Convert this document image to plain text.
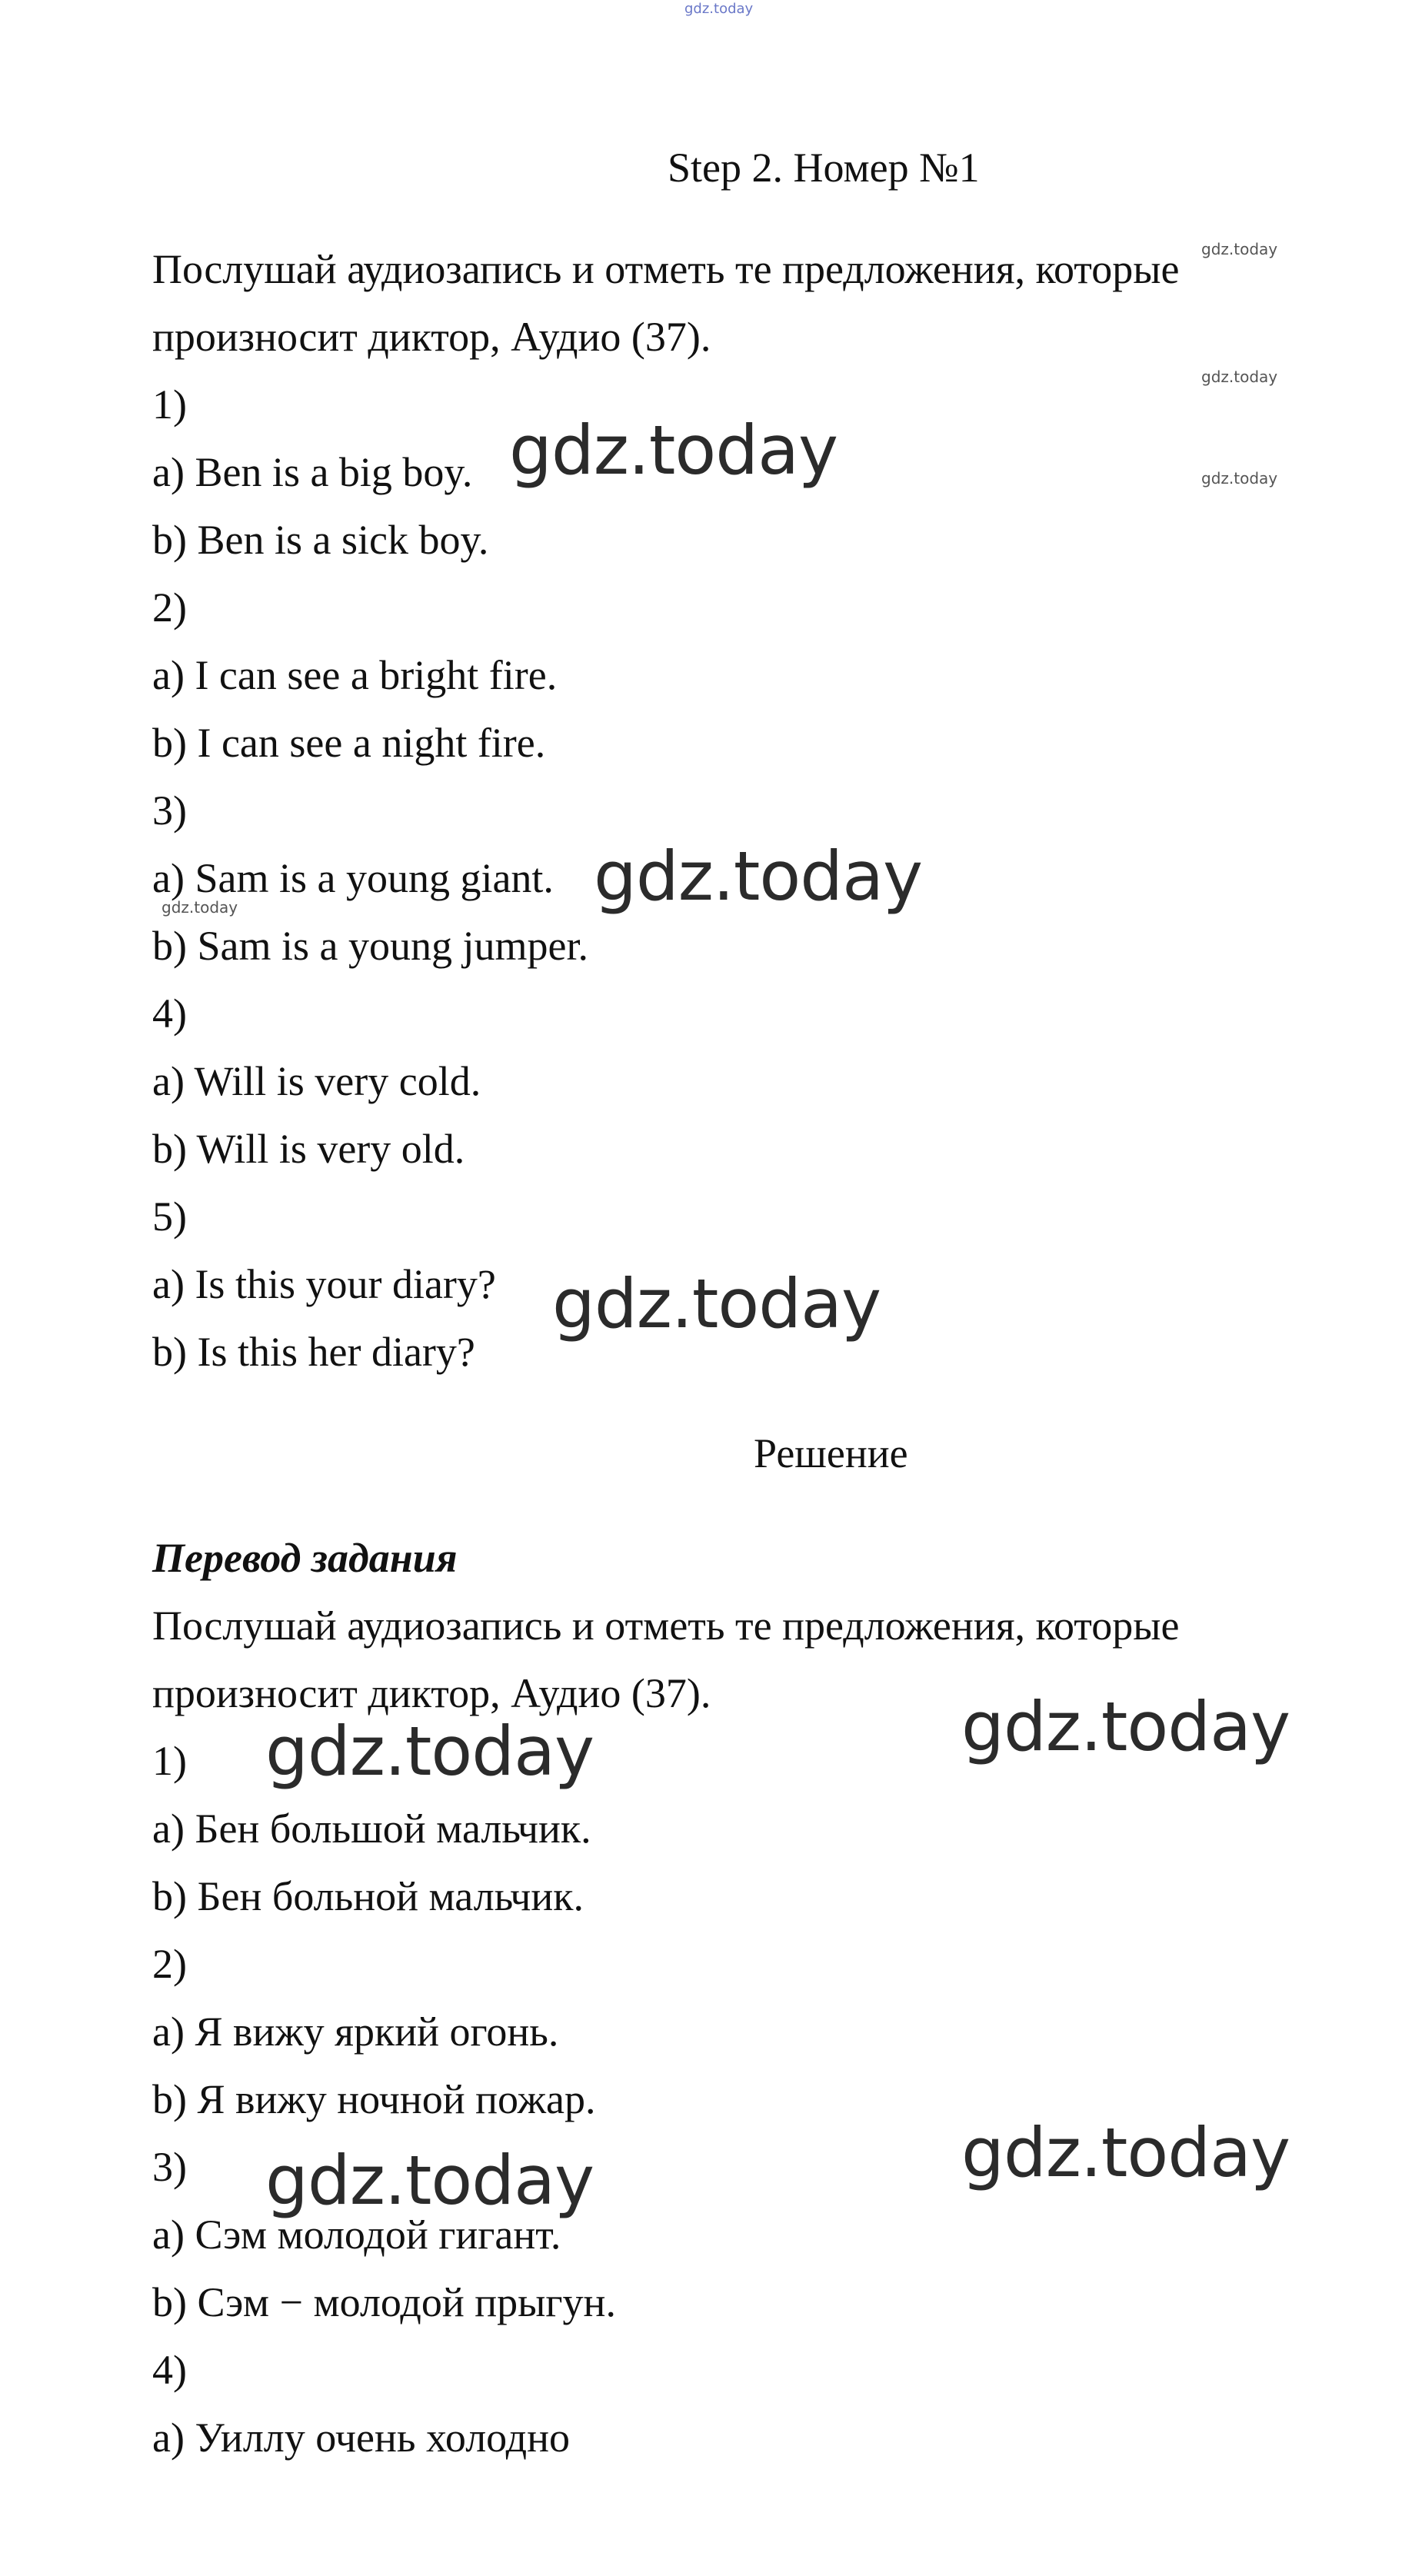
gdz.today
Step 2. Номер №1
gdz.today
gdz.today
gdz.today
Послушай аудиозапись и отметь те предложения, которые
произносит диктор, Аудио (37).
1)
a) Ben is a big boy.
b) Ben is a sick boy.
2)
a) I can see a bright fire.
b) I can see a night fire.
3)
a) Sam is a young giant.
b) Sam is a young jumper.
4)
a) Will is very cold.
b) Will is very old.
5)
a) Is this your diary?
b) Is this her diary?
gdz.today
gdz.today
gdz.today
gdz.today
Решение
Перевод задания
Послушай аудиозапись и отметь те предложения, которые
произносит диктор, Аудио (37).
1)
a) Бен большой мальчик.
b) Бен больной мальчик.
2)
a) Я вижу яркий огонь.
b) Я вижу ночной пожар.
3)
a) Сэм молодой гигант.
b) Сэм − молодой прыгун.
4)
a) Уиллу очень холодно
gdz.today
gdz.today
gdz.today
gdz.today
